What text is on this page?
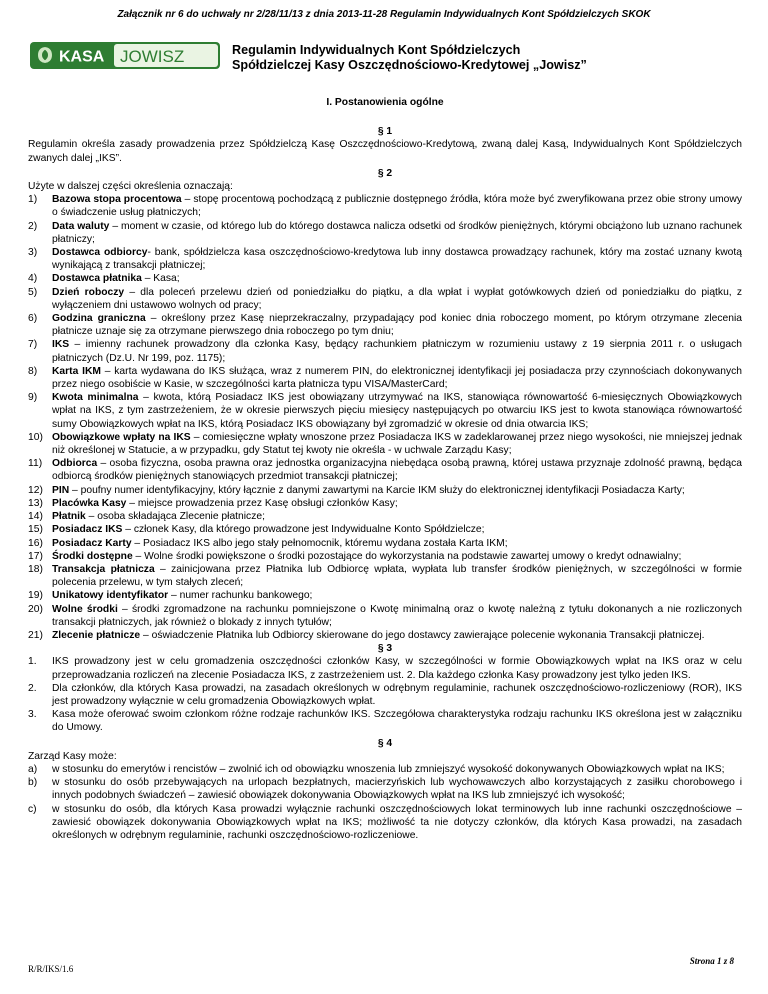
Załącznik nr 6 do uchwały nr 2/28/11/13 z dnia 2013-11-28 Regulamin Indywidualnych Kont Spółdzielczych SKOK
KASA JOWISZ	Regulamin Indywidualnych Kont Spółdzielczych
Spółdzielczej Kasy Oszczędnościowo-Kredytowej „Jowisz”
I. Postanowienia ogólne
§ 1
Regulamin określa zasady prowadzenia przez Spółdzielczą Kasę Oszczędnościowo-Kredytową, zwaną dalej Kasą, Indywidualnych Kont Spółdzielczych zwanych dalej „IKS”.
§ 2
Użyte w dalszej części określenia oznaczają:
1)	Bazowa stopa procentowa – stopę procentową pochodzącą z publicznie dostępnego źródła, która może być zweryfikowana przez obie strony umowy o świadczenie usług płatniczych;
2)	Data waluty – moment w czasie, od którego lub do którego dostawca nalicza odsetki od środków pieniężnych, którymi obciążono lub uznano rachunek płatniczy;
3)	Dostawca odbiorcy- bank, spółdzielcza kasa oszczędnościowo-kredytowa lub inny dostawca prowadzący rachunek, który ma zostać uznany kwotą wynikającą z transakcji płatniczej;
4)	Dostawca płatnika – Kasa;
5)	Dzień roboczy – dla poleceń przelewu dzień od poniedziałku do piątku, a dla wpłat i wypłat gotówkowych dzień od poniedziałku do piątku, z wyłączeniem dni ustawowo wolnych od pracy;
6)	Godzina graniczna – określony przez Kasę nieprzekraczalny, przypadający pod koniec dnia roboczego moment, po którym otrzymane zlecenia płatnicze uznaje się za otrzymane pierwszego dnia roboczego po tym dniu;
7)	IKS – imienny rachunek prowadzony dla członka Kasy, będący rachunkiem płatniczym w rozumieniu ustawy z 19 sierpnia 2011 r. o usługach płatniczych (Dz.U. Nr 199, poz. 1175);
8)	Karta IKM – karta wydawana do IKS służąca, wraz z numerem PIN, do elektronicznej identyfikacji jej posiadacza przy czynnościach dokonywanych przez niego osobiście w Kasie, w szczególności karta płatnicza typu VISA/MasterCard;
9)	Kwota minimalna – kwota, którą Posiadacz IKS jest obowiązany utrzymywać na IKS, stanowiąca równowartość 6-miesięcznych Obowiązkowych wpłat na IKS, z tym zastrzeżeniem, że w okresie pierwszych pięciu miesięcy następujących po otwarciu IKS jest to kwota stanowiąca równowartość sumy Obowiązkowych wpłat na IKS, którą Posiadacz IKS obowiązany był zgromadzić w okresie od dnia otwarcia IKS;
10) Obowiązkowe wpłaty na IKS – comiesięczne wpłaty wnoszone przez Posiadacza IKS w zadeklarowanej przez niego wysokości, nie mniejszej jednak niż określonej w Statucie, a w przypadku, gdy Statut tej kwoty nie określa - w uchwale Zarządu Kasy;
11) Odbiorca – osoba fizyczna, osoba prawna oraz jednostka organizacyjna niebędąca osobą prawną, której ustawa przyznaje zdolność prawną, będąca odbiorcą środków pieniężnych stanowiących przedmiot transakcji płatniczej;
12) PIN – poufny numer identyfikacyjny, który łącznie z danymi zawartymi na Karcie IKM służy do elektronicznej identyfikacji Posiadacza Karty;
13) Placówka Kasy – miejsce prowadzenia przez Kasę obsługi członków Kasy;
14) Płatnik – osoba składająca Zlecenie płatnicze;
15) Posiadacz IKS – członek Kasy, dla którego prowadzone jest Indywidualne Konto Spółdzielcze;
16) Posiadacz Karty – Posiadacz IKS albo jego stały pełnomocnik, któremu wydana została Karta IKM;
17) Środki dostępne – Wolne środki powiększone o środki pozostające do wykorzystania na podstawie zawartej umowy o kredyt odnawialny;
18) Transakcja płatnicza – zainicjowana przez Płatnika lub Odbiorcę wpłata, wypłata lub transfer środków pieniężnych, w szczególności w formie polecenia przelewu, w tym stałych zleceń;
19) Unikatowy identyfikator – numer rachunku bankowego;
20) Wolne środki – środki zgromadzone na rachunku pomniejszone o Kwotę minimalną oraz o kwotę należną z tytułu dokonanych a nie rozliczonych transakcji płatniczych, jak również o blokady z innych tytułów;
21) Zlecenie płatnicze – oświadczenie Płatnika lub Odbiorcy skierowane do jego dostawcy zawierające polecenie wykonania Transakcji płatniczej.
§ 3
1.	IKS prowadzony jest w celu gromadzenia oszczędności członków Kasy, w szczególności w formie Obowiązkowych wpłat na IKS oraz w celu przeprowadzania rozliczeń na zlecenie Posiadacza IKS, z zastrzeżeniem ust. 2. Dla każdego członka Kasy prowadzony jest tylko jeden IKS.
2.	Dla członków, dla których Kasa prowadzi, na zasadach określonych w odrębnym regulaminie, rachunek oszczędnościowo-rozliczeniowy (ROR), IKS jest prowadzony wyłącznie w celu gromadzenia Obowiązkowych wpłat.
3.	Kasa może oferować swoim członkom różne rodzaje rachunków IKS. Szczegółowa charakterystyka rodzaju rachunku IKS określona jest w załączniku do Umowy.
§ 4
Zarząd Kasy może:
a)	w stosunku do emerytów i rencistów – zwolnić ich od obowiązku wnoszenia lub zmniejszyć wysokość dokonywanych Obowiązkowych wpłat na IKS;
b)	w stosunku do osób przebywających na urlopach bezpłatnych, macierzyńskich lub wychowawczych albo korzystających z zasiłku chorobowego i innych podobnych świadczeń – zawiesić obowiązek dokonywania Obowiązkowych wpłat na IKS lub zmniejszyć ich wysokość;
c)	w stosunku do osób, dla których Kasa prowadzi wyłącznie rachunki oszczędnościowych lokat terminowych lub inne rachunki oszczędnościowe – zawiesić obowiązek dokonywania Obowiązkowych wpłat na IKS; możliwość ta nie dotyczy członków, dla których Kasa prowadzi, na zasadach określonych w odrębnym regulaminie, rachunki oszczędnościowo-rozliczeniowe.
Strona 1 z 8
R/R/IKS/1.6
